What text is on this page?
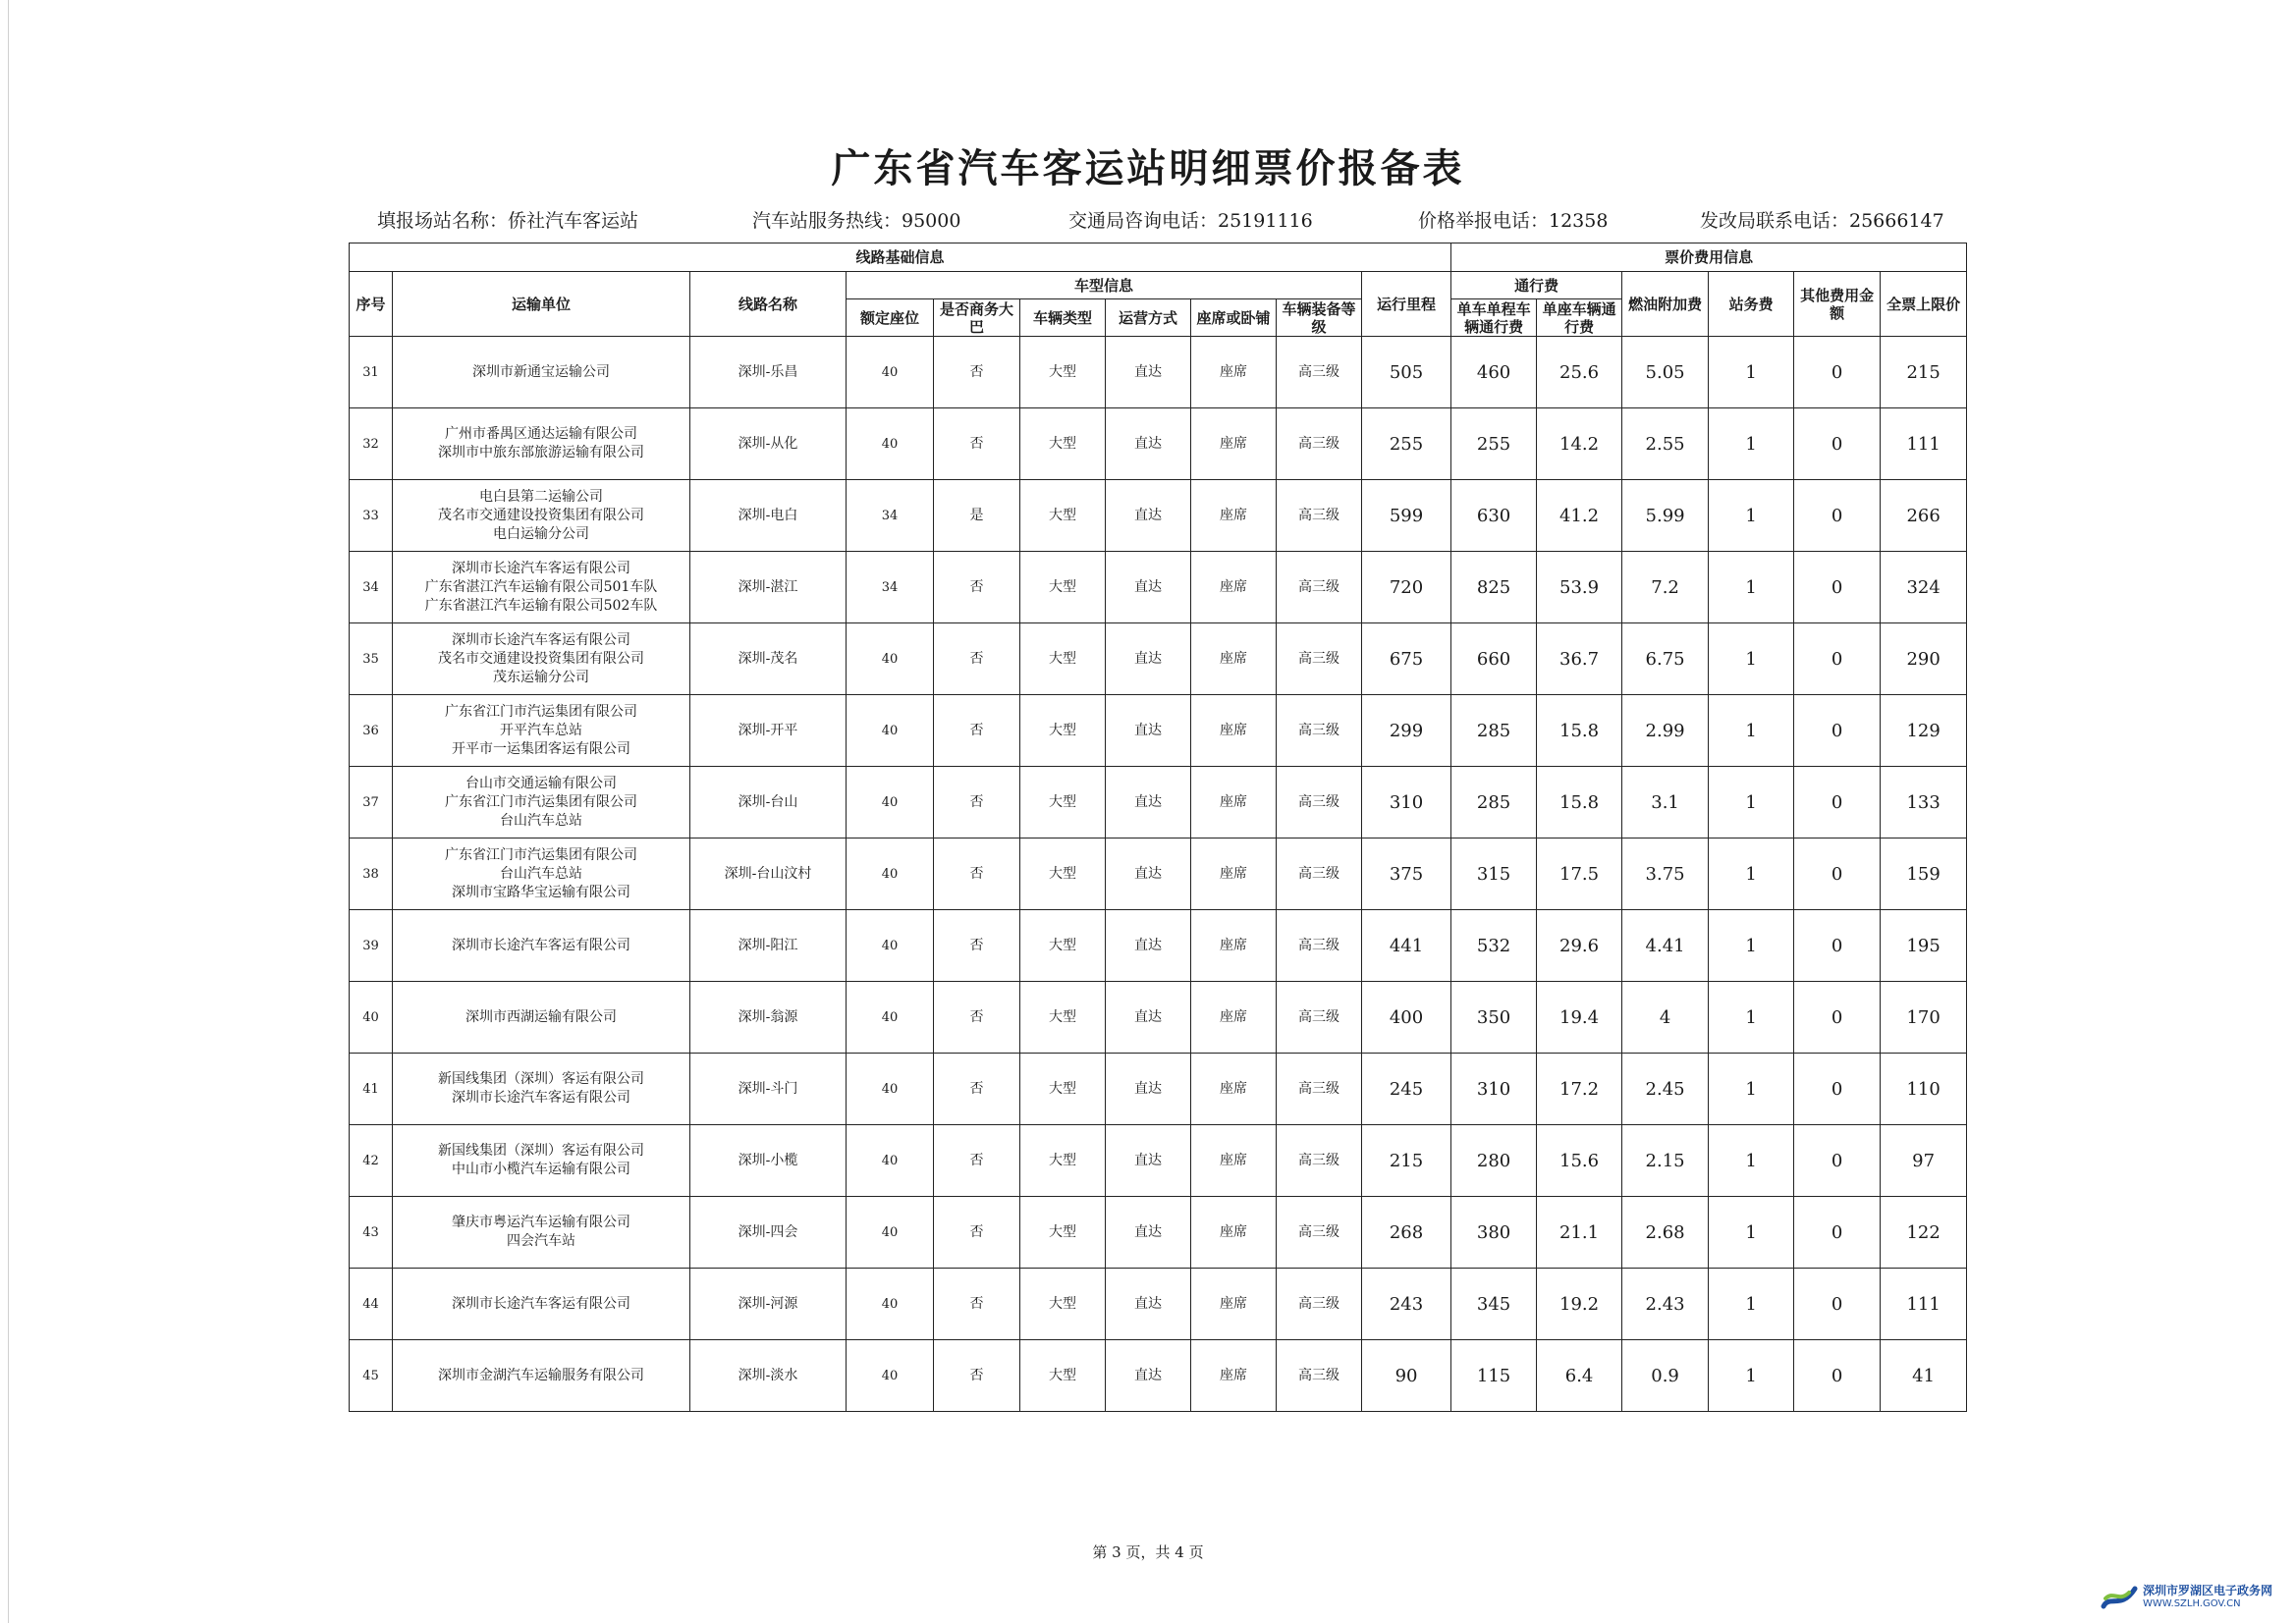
广东省汽车客运站明细票价报备表
填报场站名称：侨社汽车客运站	汽车站服务热线：95000	交通局咨询电话：25191116	价格举报电话：12358	发改局联系电话：25666147
线路基础信息										票价费用信息					
序号	运输单位	线路名称	车型信息						运行里程	通行费		燃油附加费	站务费	其他费用金额	全票上限价
			额定座位	是否商务大巴	车辆类型	运营方式	座席或卧铺	车辆装备等级		单车单程车辆通行费	单座车辆通行费				
31	深圳市新通宝运输公司	深圳-乐昌	40	否	大型	直达	座席	高三级	505	460	25.6	5.05	1	0	215
32	广州市番禺区通达运输有限公司
深圳市中旅东部旅游运输有限公司	深圳-从化	40	否	大型	直达	座席	高三级	255	255	14.2	2.55	1	0	111
33	电白县第二运输公司
茂名市交通建设投资集团有限公司
电白运输分公司	深圳-电白	34	是	大型	直达	座席	高三级	599	630	41.2	5.99	1	0	266
34	深圳市长途汽车客运有限公司
广东省湛江汽车运输有限公司501车队
广东省湛江汽车运输有限公司502车队	深圳-湛江	34	否	大型	直达	座席	高三级	720	825	53.9	7.2	1	0	324
35	深圳市长途汽车客运有限公司
茂名市交通建设投资集团有限公司
茂东运输分公司	深圳-茂名	40	否	大型	直达	座席	高三级	675	660	36.7	6.75	1	0	290
36	广东省江门市汽运集团有限公司
开平汽车总站
开平市一运集团客运有限公司	深圳-开平	40	否	大型	直达	座席	高三级	299	285	15.8	2.99	1	0	129
37	台山市交通运输有限公司
广东省江门市汽运集团有限公司
台山汽车总站	深圳-台山	40	否	大型	直达	座席	高三级	310	285	15.8	3.1	1	0	133
38	广东省江门市汽运集团有限公司
台山汽车总站
深圳市宝路华宝运输有限公司	深圳-台山汶村	40	否	大型	直达	座席	高三级	375	315	17.5	3.75	1	0	159
39	深圳市长途汽车客运有限公司	深圳-阳江	40	否	大型	直达	座席	高三级	441	532	29.6	4.41	1	0	195
40	深圳市西湖运输有限公司	深圳-翁源	40	否	大型	直达	座席	高三级	400	350	19.4	4	1	0	170
41	新国线集团（深圳）客运有限公司
深圳市长途汽车客运有限公司	深圳-斗门	40	否	大型	直达	座席	高三级	245	310	17.2	2.45	1	0	110
42	新国线集团（深圳）客运有限公司
中山市小榄汽车运输有限公司	深圳-小榄	40	否	大型	直达	座席	高三级	215	280	15.6	2.15	1	0	97
43	肇庆市粤运汽车运输有限公司
四会汽车站	深圳-四会	40	否	大型	直达	座席	高三级	268	380	21.1	2.68	1	0	122
44	深圳市长途汽车客运有限公司	深圳-河源	40	否	大型	直达	座席	高三级	243	345	19.2	2.43	1	0	111
45	深圳市金湖汽车运输服务有限公司	深圳-淡水	40	否	大型	直达	座席	高三级	90	115	6.4	0.9	1	0	41
第 3 页，共 4 页
深圳市罗湖区电子政务网
WWW.SZLH.GOV.CN
